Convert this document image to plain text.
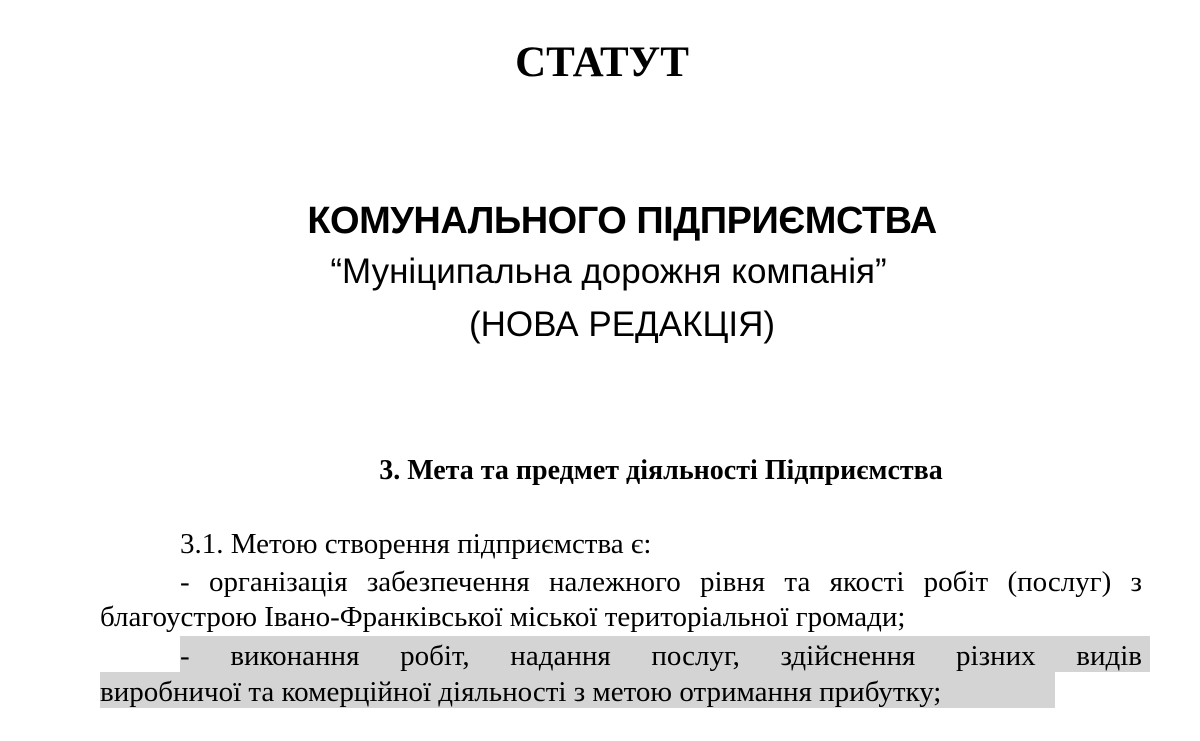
СТАТУТ
КОМУНАЛЬНОГО ПІДПРИЄМСТВА
“Муніципальна дорожня компанія”
(НОВА РЕДАКЦІЯ)
3. Мета та предмет діяльності Підприємства
3.1. Метою створення підприємства є:
- організація забезпечення належного рівня та якості робіт (послуг) з
благоустрою Івано-Франківської міської територіальної громади;
- виконання робіт, надання послуг, здійснення різних видів
виробничої та комерційної діяльності з метою отримання прибутку;
